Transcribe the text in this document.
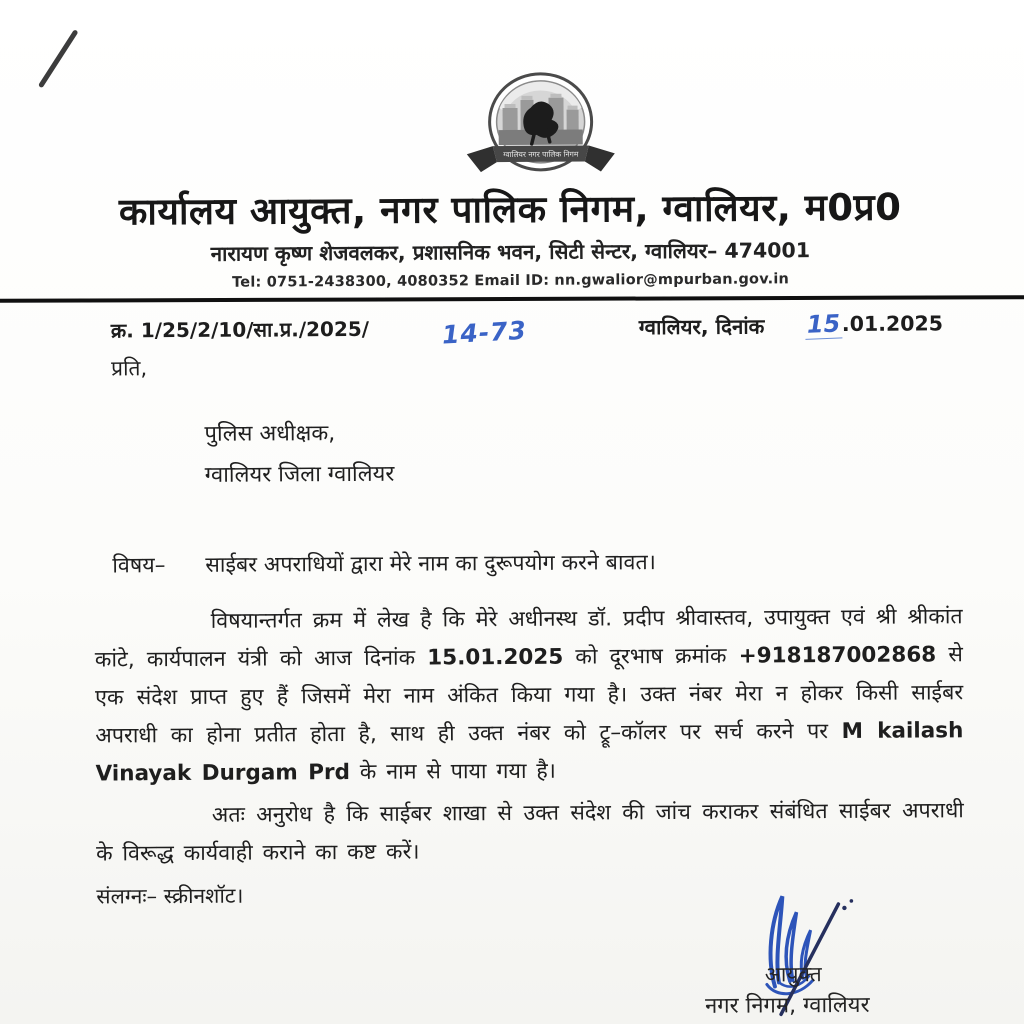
ग्वालियर नगर पालिक निगम
कार्यालय आयुक्त, नगर पालिक निगम, ग्वालियर, म0प्र0
नारायण कृष्ण शेजवलकर, प्रशासनिक भवन, सिटी सेन्टर, ग्वालियर– 474001
Tel: 0751-2438300, 4080352 Email ID: nn.gwalior@mpurban.gov.in
क्र. 1/25/2/10/सा.प्र./2025/	14-73	ग्वालियर, दिनांक 15 .01.2025
प्रति,
पुलिस अधीक्षक,
ग्वालियर जिला ग्वालियर
विषय– साईबर अपराधियों द्वारा मेरे नाम का दुरूपयोग करने बावत।

विषयान्तर्गत क्रम में लेख है कि मेरे अधीनस्थ डॉ. प्रदीप श्रीवास्तव, उपायुक्त एवं श्री श्रीकांत कांटे, कार्यपालन यंत्री को आज दिनांक 15.01.2025 को दूरभाष क्रमांक +918187002868 से एक संदेश प्राप्त हुए हैं जिसमें मेरा नाम अंकित किया गया है। उक्त नंबर मेरा न होकर किसी साईबर अपराधी का होना प्रतीत होता है, साथ ही उक्त नंबर को ट्रू–कॉलर पर सर्च करने पर M kailash Vinayak Durgam Prd के नाम से पाया गया है।

अतः अनुरोध है कि साईबर शाखा से उक्त संदेश की जांच कराकर संबंधित साईबर अपराधी के विरूद्ध कार्यवाही कराने का कष्ट करें।

संलग्नः– स्क्रीनशॉट।
आयुक्त
नगर निगम, ग्वालियर
